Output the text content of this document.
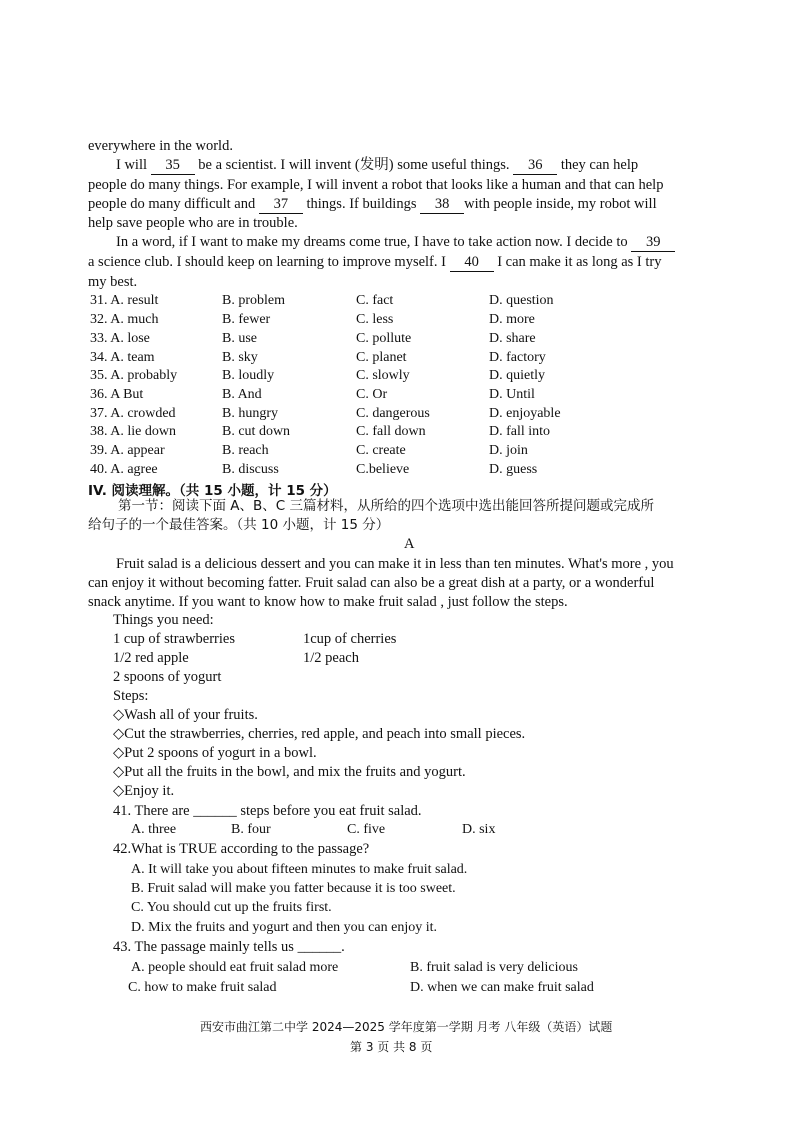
everywhere in the world.
I will 35 be a scientist. I will invent (发明) some useful things. 36 they can help
people do many things. For example, I will invent a robot that looks like a human and that can help
people do many difficult and 37 things. If buildings 38 with people inside, my robot will
help save people who are in trouble.
In a word, if I want to make my dreams come true, I have to take action now. I decide to 39
a science club. I should keep on learning to improve myself. I 40 I can make it as long as I try
my best.
31. A. result	B. problem	C. fact	D. question
32. A. much	B. fewer	C. less	D. more
33. A. lose	B. use	C. pollute	D. share
34. A. team	B. sky	C. planet	D. factory
35. A. probably	B. loudly	C. slowly	D. quietly
36. A But	B. And	C. Or	D. Until
37. A. crowded	B. hungry	C. dangerous	D. enjoyable
38. A. lie down	B. cut down	C. fall down	D. fall into
39. A. appear	B. reach	C. create	D. join
40. A. agree	B. discuss	C.believe	D. guess
IV. 阅读理解。（共 15 小题，计 15 分）
第一节：阅读下面 A、B、C 三篇材料，从所给的四个选项中选出能回答所提问题或完成所
给句子的一个最佳答案。（共 10 小题，计 15 分）
A
Fruit salad is a delicious dessert and you can make it in less than ten minutes. What's more , you
can enjoy it without becoming fatter. Fruit salad can also be a great dish at a party, or a wonderful
snack anytime. If you want to know how to make fruit salad , just follow the steps.
Things you need:
1 cup of strawberries	1cup of cherries
1/2 red apple	1/2 peach
2 spoons of yogurt
Steps:
◇Wash all of your fruits.
◇Cut the strawberries, cherries, red apple, and peach into small pieces.
◇Put 2 spoons of yogurt in a bowl.
◇Put all the fruits in the bowl, and mix the fruits and yogurt.
◇Enjoy it.
41. There are ______ steps before you eat fruit salad.
A. three	B. four	C. five	D. six
42.What is TRUE according to the passage?
A. It will take you about fifteen minutes to make fruit salad.
B. Fruit salad will make you fatter because it is too sweet.
C. You should cut up the fruits first.
D. Mix the fruits and yogurt and then you can enjoy it.
43. The passage mainly tells us ______.
A. people should eat fruit salad more	B. fruit salad is very delicious
C. how to make fruit salad	D. when we can make fruit salad
西安市曲江第二中学 2024—2025 学年度第一学期 月考 八年级（英语）试题
第 3 页 共 8 页
